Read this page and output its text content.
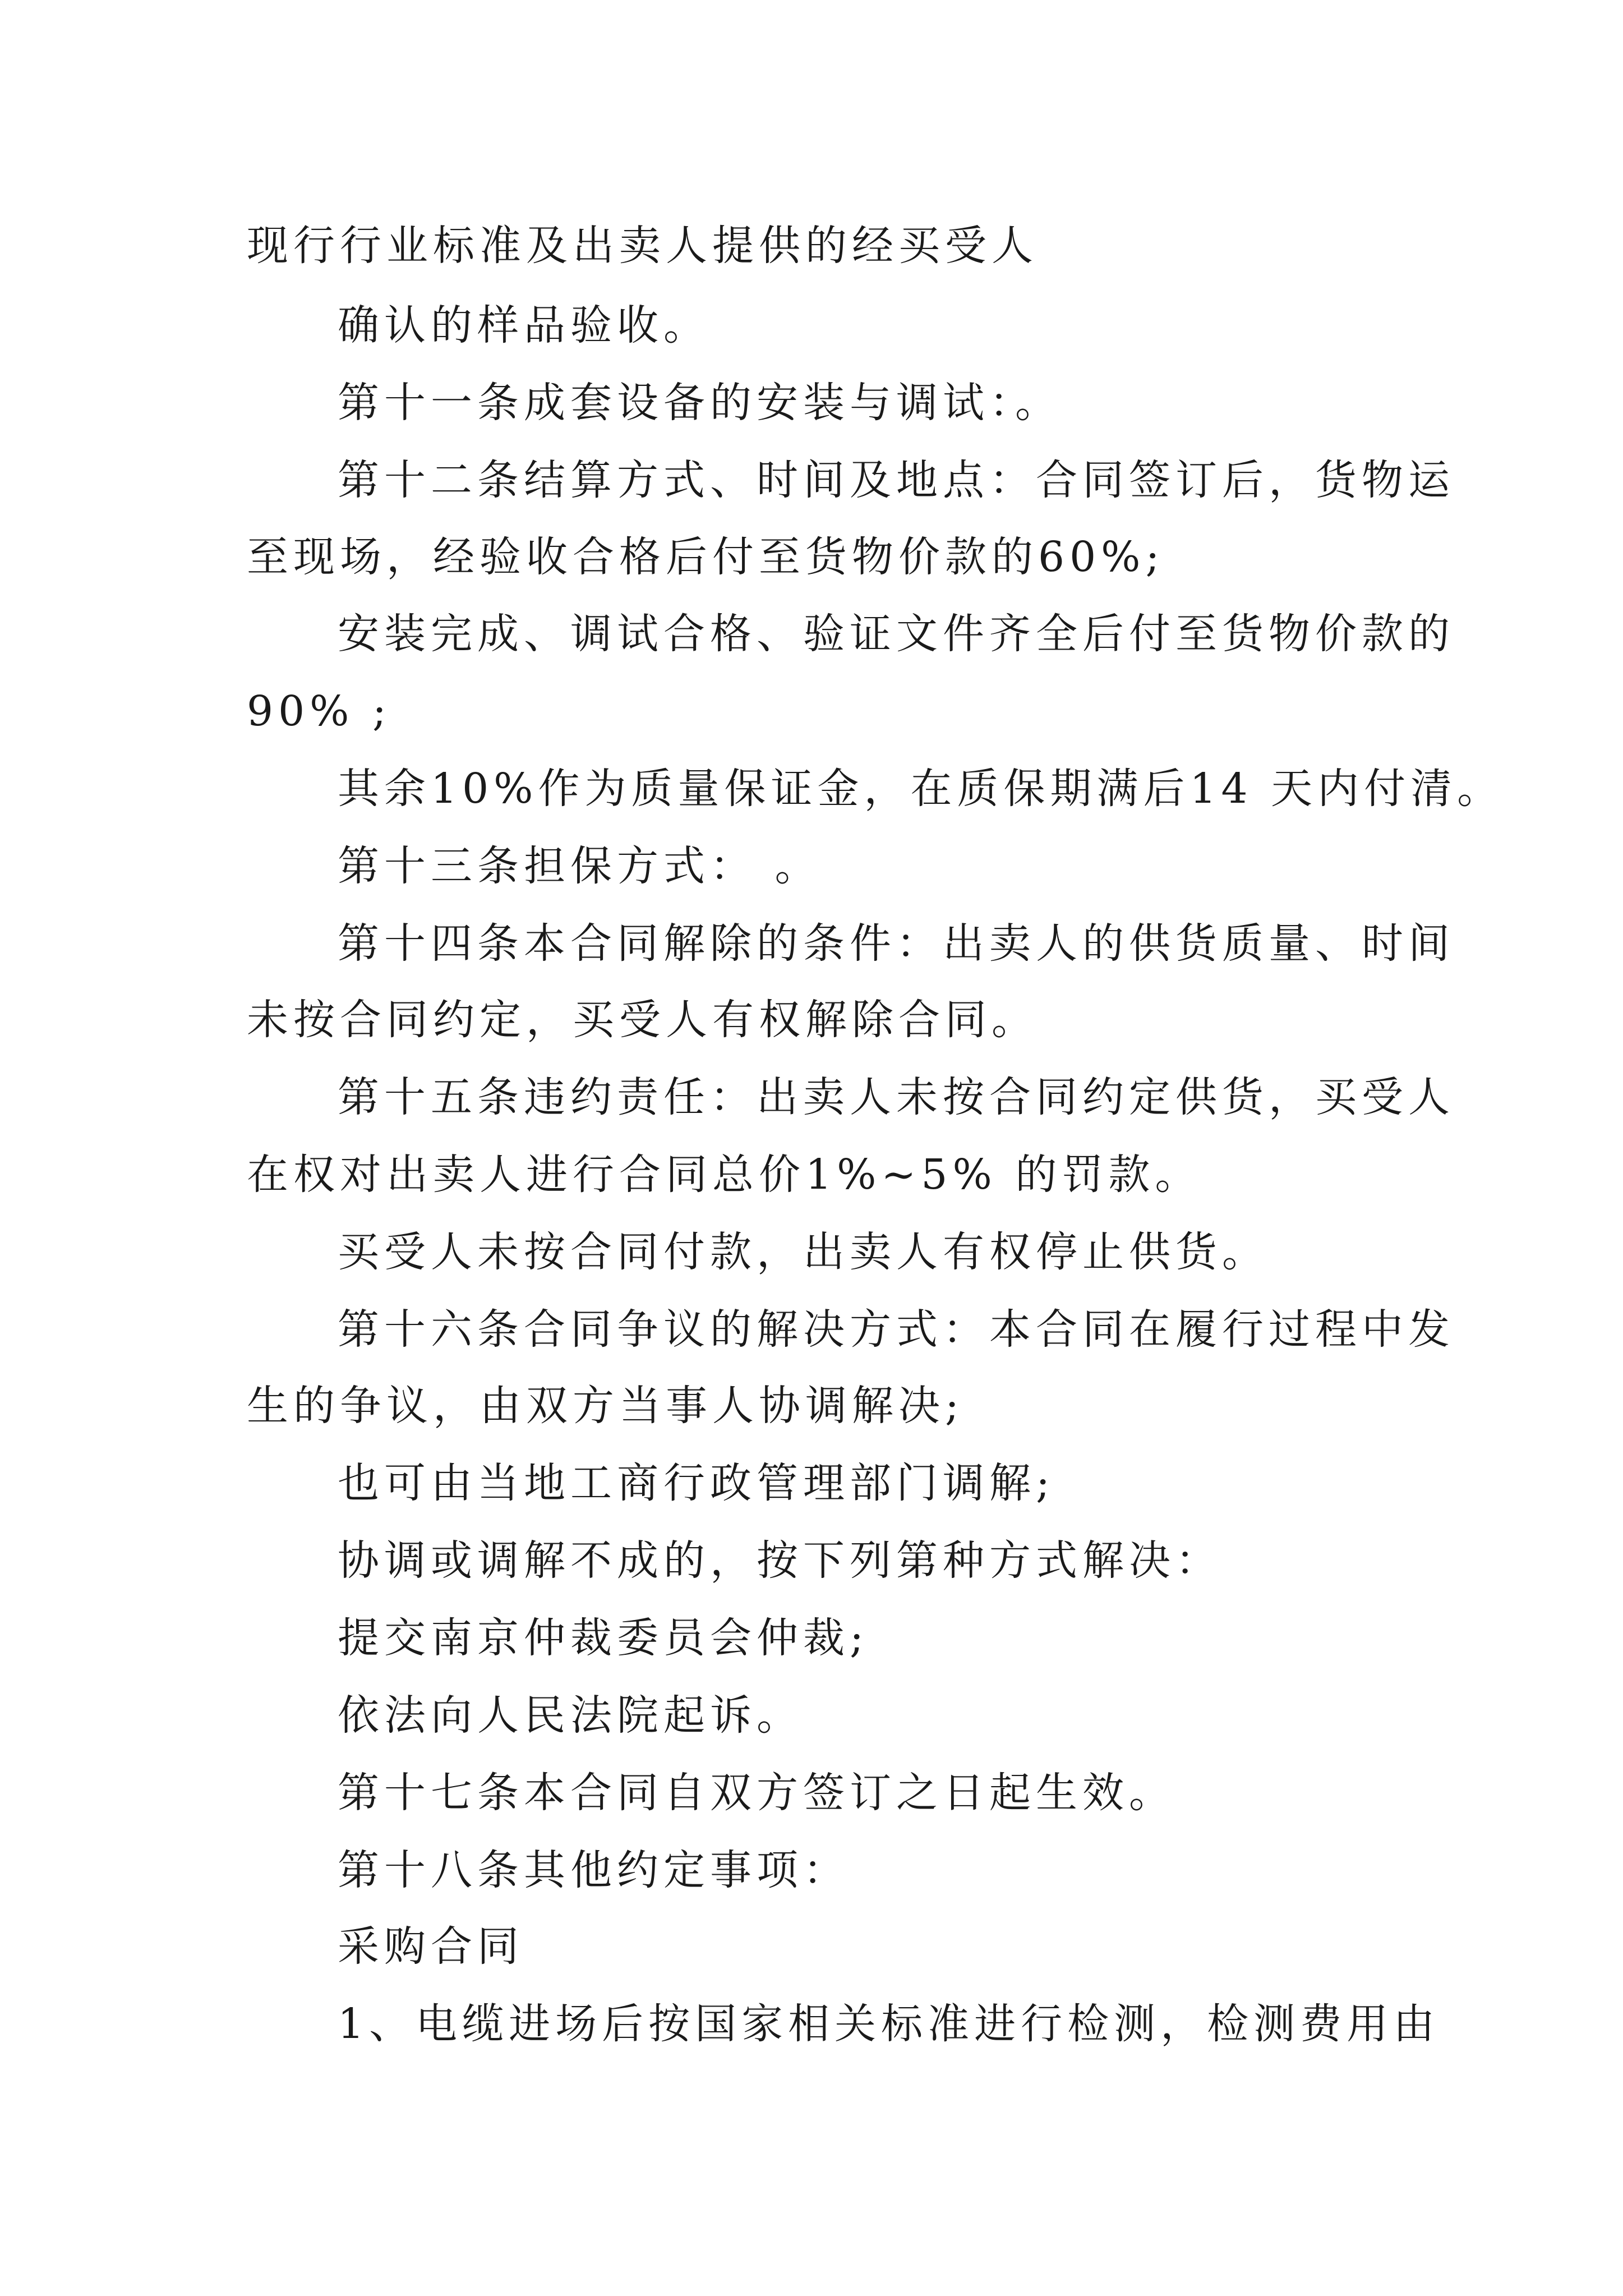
现行行业标准及出卖人提供的经买受人
确认的样品验收。
第十一条成套设备的安装与调试：。
第十二条结算方式、时间及地点：合同签订后，货物运
至现场，经验收合格后付至货物价款的60%;
安装完成、调试合格、验证文件齐全后付至货物价款的
90% ;
其余10%作为质量保证金，在质保期满后14 天内付清。
第十三条担保方式： 。
第十四条本合同解除的条件：出卖人的供货质量、时间
未按合同约定，买受人有权解除合同。
第十五条违约责任：出卖人未按合同约定供货，买受人
在权对出卖人进行合同总价1%~5% 的罚款。
买受人未按合同付款，出卖人有权停止供货。
第十六条合同争议的解决方式：本合同在履行过程中发
生的争议，由双方当事人协调解决;
也可由当地工商行政管理部门调解;
协调或调解不成的，按下列第种方式解决：
提交南京仲裁委员会仲裁;
依法向人民法院起诉。
第十七条本合同自双方签订之日起生效。
第十八条其他约定事项：
采购合同
1、电缆进场后按国家相关标准进行检测，检测费用由
